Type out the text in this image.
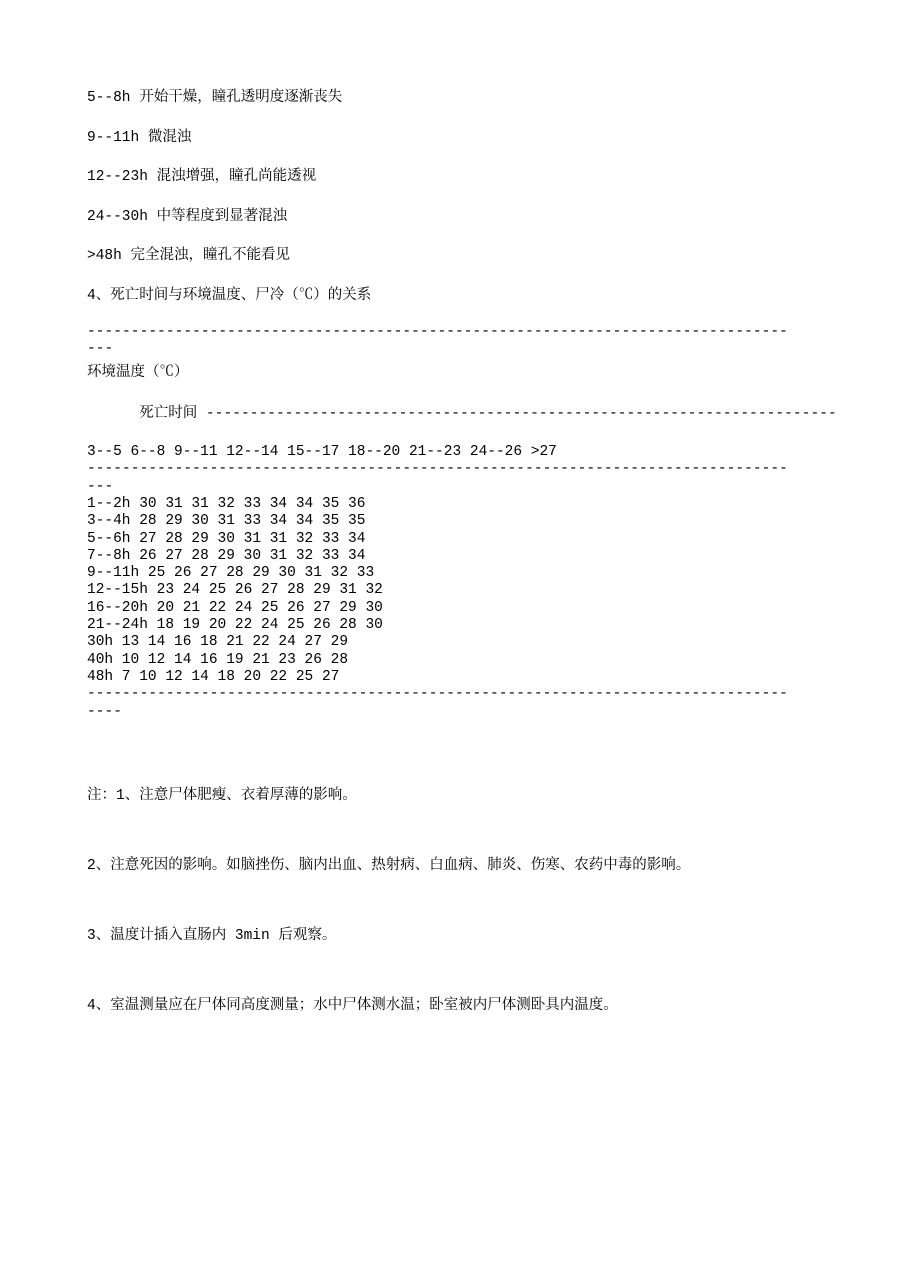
5--8h 开始干燥，瞳孔透明度逐渐丧失

9--11h 微混浊

12--23h 混浊增强，瞳孔尚能透视

24--30h 中等程度到显著混浊

>48h 完全混浊，瞳孔不能看见

4、死亡时间与环境温度、尸冷（℃）的关系

--------------------------------------------------------------------------------
---
环境温度（℃）

死亡时间 ------------------------------------------------------------------------

3--5 6--8 9--11 12--14 15--17 18--20 21--23 24--26 >27
--------------------------------------------------------------------------------
---
1--2h 30 31 31 32 33 34 34 35 36
3--4h 28 29 30 31 33 34 34 35 35
5--6h 27 28 29 30 31 31 32 33 34
7--8h 26 27 28 29 30 31 32 33 34
9--11h 25 26 27 28 29 30 31 32 33
12--15h 23 24 25 26 27 28 29 31 32
16--20h 20 21 22 24 25 26 27 29 30
21--24h 18 19 20 22 24 25 26 28 30
30h 13 14 16 18 21 22 24 27 29
40h 10 12 14 16 19 21 23 26 28
48h 7 10 12 14 18 20 22 25 27
--------------------------------------------------------------------------------
----

注：1、注意尸体肥瘦、衣着厚薄的影响。

2、注意死因的影响。如脑挫伤、脑内出血、热射病、白血病、肺炎、伤寒、农药中毒的影响。

3、温度计插入直肠内 3min 后观察。

4、室温测量应在尸体同高度测量；水中尸体测水温；卧室被内尸体测卧具内温度。
